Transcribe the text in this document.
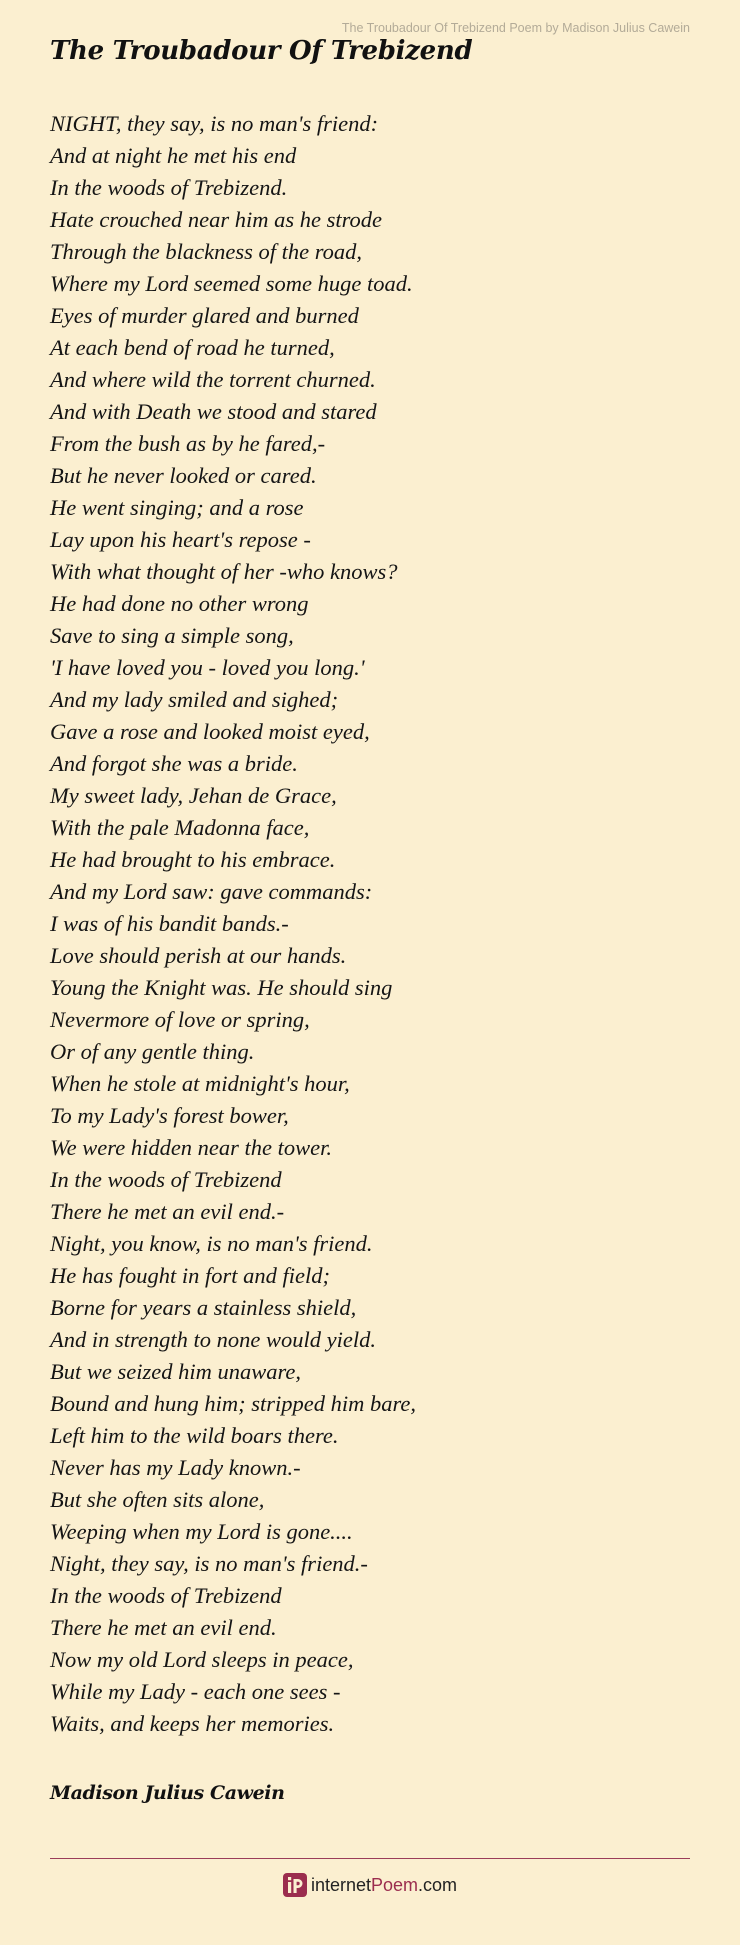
The Troubadour Of Trebizend Poem by Madison Julius Cawein
The Troubadour Of Trebizend
NIGHT, they say, is no man's friend:
And at night he met his end
In the woods of Trebizend.
Hate crouched near him as he strode
Through the blackness of the road,
Where my Lord seemed some huge toad.
Eyes of murder glared and burned
At each bend of road he turned,
And where wild the torrent churned.
And with Death we stood and stared
From the bush as by he fared,-
But he never looked or cared.
He went singing; and a rose
Lay upon his heart's repose -
With what thought of her -who knows?
He had done no other wrong
Save to sing a simple song,
'I have loved you - loved you long.'
And my lady smiled and sighed;
Gave a rose and looked moist eyed,
And forgot she was a bride.
My sweet lady, Jehan de Grace,
With the pale Madonna face,
He had brought to his embrace.
And my Lord saw: gave commands:
I was of his bandit bands.-
Love should perish at our hands.
Young the Knight was. He should sing
Nevermore of love or spring,
Or of any gentle thing.
When he stole at midnight's hour,
To my Lady's forest bower,
We were hidden near the tower.
In the woods of Trebizend
There he met an evil end.-
Night, you know, is no man's friend.
He has fought in fort and field;
Borne for years a stainless shield,
And in strength to none would yield.
But we seized him unaware,
Bound and hung him; stripped him bare,
Left him to the wild boars there.
Never has my Lady known.-
But she often sits alone,
Weeping when my Lord is gone....
Night, they say, is no man's friend.-
In the woods of Trebizend
There he met an evil end.
Now my old Lord sleeps in peace,
While my Lady - each one sees -
Waits, and keeps her memories.
Madison Julius Cawein
internetPoem.com
